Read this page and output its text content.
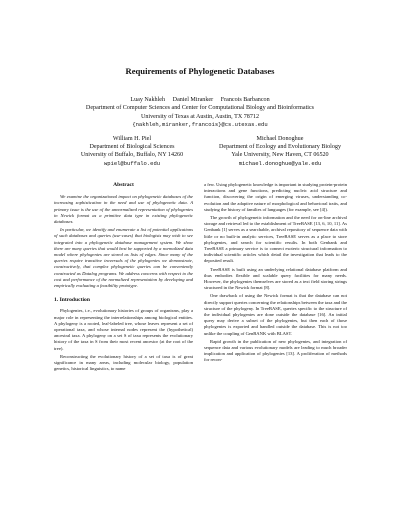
Requirements of Phylogenetic Databases
Luay Nakhleh     Daniel Miranker     Francois Barbancon
Department of Computer Sciences and Center for Computational Biology and Bioinformatics
University of Texas at Austin, Austin, TX 78712
{nakhleh,miranker,francois}@cs.utexas.edu
William H. Piel
Department of Biological Sciences
University of Buffalo, Buffalo, NY 14260
wpiel@buffalo.edu
Michael Donoghue
Department of Ecology and Evolutionary Biology
Yale University, New Haven, CT 06520
michael.donoghue@yale.edu
Abstract

We examine the organizational impact on phylogenetic databases of the increasing sophistication in the need and use of phylogenetic data. A primary issue is the use of the unnormalized representation of phylogenies in Newick format as a primitive data type in existing phylogenetic databases.

In particular, we identify and enumerate a list of potential applications of such databases and queries (use-cases) that biologists may wish to see integrated into a phylogenetic database management system. We show there are many queries that would best be supported by a normalized data model where phylogenies are stored as lists of edges. Since many of the queries require transitive traversals of the phylogenies we demonstrate, constructively, that complex phylogenetic queries can be conveniently constructed as Datalog programs. We address concerns with respect to the cost and performance of the normalized representation by developing and empirically evaluating a feasibility prototype.

1. Introduction

Phylogenies, i.e., evolutionary histories of groups of organisms, play a major role in representing the interrelationships among biological entities. A phylogeny is a rooted, leaf-labeled tree, whose leaves represent a set of operational taxa, and whose internal nodes represent the (hypothetical) ancestral taxa. A phylogeny on a set S of taxa represents the evolutionary history of the taxa in S from their most recent ancestor (at the root of the tree).

Reconstructing the evolutionary history of a set of taxa is of great significance in many areas, including molecular biology, population genetics, historical linguistics, to name

a few. Using phylogenetic knowledge is important in studying protein-protein interactions and gene functions, predicting nucleic acid structure and function, discovering the origin of emerging viruses, understanding co-evolution and the adaptive nature of morphological and behavioral traits, and studying the history of families of languages (for example, see [4]).

The growth of phylogenetic information and the need for on-line archival storage and retrieval led to the establishment of TreeBASE [13, 6, 10, 11]. As Genbank [1] serves as a searchable, archival repository of sequence data with little or no built-in analytic services, TreeBASE serves as a place to store phylogenies, and search for scientific results. In both Genbank and TreeBASE a primary service is to connect esoteric structural information to individual scientific articles which detail the investigation that leads to the deposited result.

TreeBASE is built using an underlying relational database platform and thus embodies flexible and scalable query facilities for many needs. However, the phylogenies themselves are stored as a text field storing strings structured in the Newick format [8].

One drawback of using the Newick format is that the database can not directly support queries concerning the relationships between the taxa and the structure of the phylogeny. In TreeBASE, queries specific to the structure of the individual phylogenies are done outside the database [16]. An initial query may derive a subset of the phylogenies, but then each of those phylogenies is exported and handled outside the database. This is not too unlike the coupling of GenBANK with BLAST.

Rapid growth in the publication of new phylogenies, and integration of sequence data and various evolutionary models are leading to much broader implication and application of phylogenies [13]. A proliferation of methods for recon-
